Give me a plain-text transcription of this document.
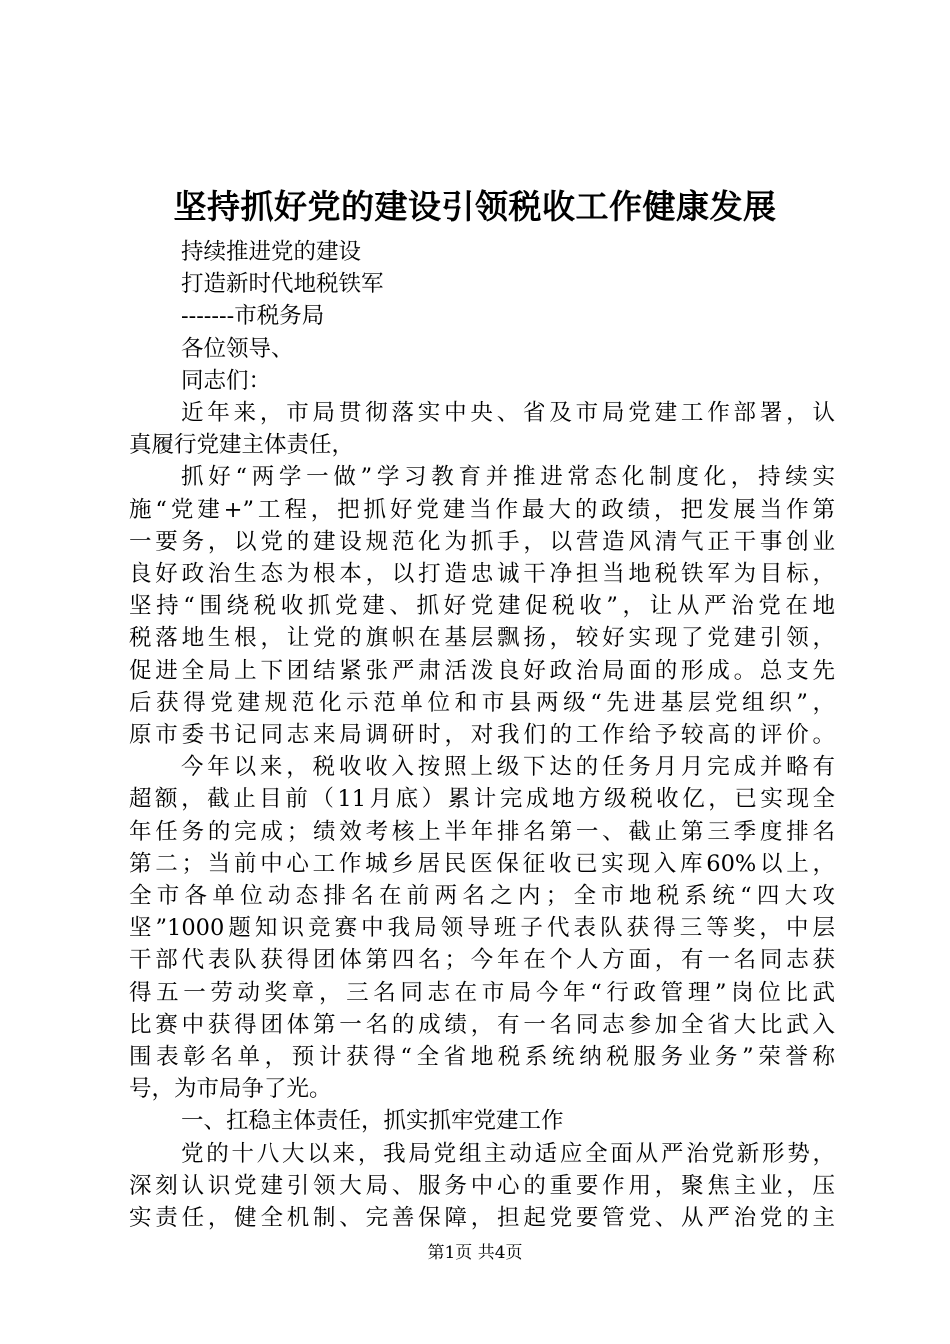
坚持抓好党的建设引领税收工作健康发展

持续推进党的建设

打造新时代地税铁军

-------市税务局

各位领导、

同志们：

近年来，市局贯彻落实中央、省及市局党建工作部署，认

真履行党建主体责任，

抓好“两学一做”学习教育并推进常态化制度化，持续实

施“党建+”工程，把抓好党建当作最大的政绩，把发展当作第

一要务，以党的建设规范化为抓手，以营造风清气正干事创业

良好政治生态为根本，以打造忠诚干净担当地税铁军为目标，

坚持“围绕税收抓党建、抓好党建促税收”，让从严治党在地

税落地生根，让党的旗帜在基层飘扬，较好实现了党建引领，

促进全局上下团结紧张严肃活泼良好政治局面的形成。总支先

后获得党建规范化示范单位和市县两级“先进基层党组织”，

原市委书记同志来局调研时，对我们的工作给予较高的评价。

今年以来，税收收入按照上级下达的任务月月完成并略有

超额，截止目前（11月底）累计完成地方级税收亿，已实现全

年任务的完成；绩效考核上半年排名第一、截止第三季度排名

第二；当前中心工作城乡居民医保征收已实现入库60%以上，

全市各单位动态排名在前两名之内；全市地税系统“四大攻

坚”1000题知识竞赛中我局领导班子代表队获得三等奖，中层

干部代表队获得团体第四名；今年在个人方面，有一名同志获

得五一劳动奖章，三名同志在市局今年“行政管理”岗位比武

比赛中获得团体第一名的成绩，有一名同志参加全省大比武入

围表彰名单，预计获得“全省地税系统纳税服务业务”荣誉称

号，为市局争了光。

一、扛稳主体责任，抓实抓牢党建工作

党的十八大以来，我局党组主动适应全面从严治党新形势，

深刻认识党建引领大局、服务中心的重要作用，聚焦主业，压

实责任，健全机制、完善保障，担起党要管党、从严治党的主

第1页 共4页
